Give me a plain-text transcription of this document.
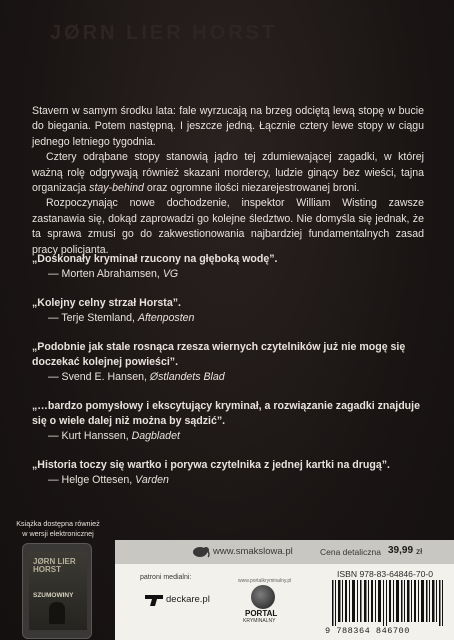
JØRN LIER HORST

Stavern w samym środku lata: fale wyrzucają na brzeg odciętą lewą stopę w bucie do biegania. Potem następną. I jeszcze jedną. Łącznie cztery lewe stopy w ciągu jednego letniego tygodnia.

Cztery odrąbane stopy stanowią jądro tej zdumiewającej zagadki, w której ważną rolę odgrywają również skazani mordercy, ludzie ginący bez wieści, tajna organizacja stay-behind oraz ogromne ilości niezarejestrowanej broni.

Rozpoczynając nowe dochodzenie, inspektor William Wisting zawsze zastanawia się, dokąd zaprowadzi go kolejne śledztwo. Nie domyśla się jednak, że ta sprawa zmusi go do zakwestionowania najbardziej fundamentalnych zasad pracy policjanta.

„Doskonały kryminał rzucony na głęboką wodę”.
— Morten Abrahamsen, VG
„Kolejny celny strzał Horsta”.
— Terje Stemland, Aftenposten
„Podobnie jak stale rosnąca rzesza wiernych czytelników już nie mogę się doczekać kolejnej powieści”.
— Svend E. Hansen, Østlandets Blad
„…bardzo pomysłowy i ekscytujący kryminał, a rozwiązanie zagadki znajduje się o wiele dalej niż można by sądzić”.
— Kurt Hanssen, Dagbladet
„Historia toczy się wartko i porywa czytelnika z jednej kartki na drugą”.
— Helge Ottesen, Varden
Książka dostępna również
w wersji elektronicznej
JØRN LIER HORST
SZUMOWINY
www.smakslowa.pl	Cena detaliczna 39,99 zł
patroni medialni:
deckare.pl
www.portalkryminalny.pl
PORTAL
KRYMINALNY
ISBN 978-83-64846-70-0
9 788364 846700
